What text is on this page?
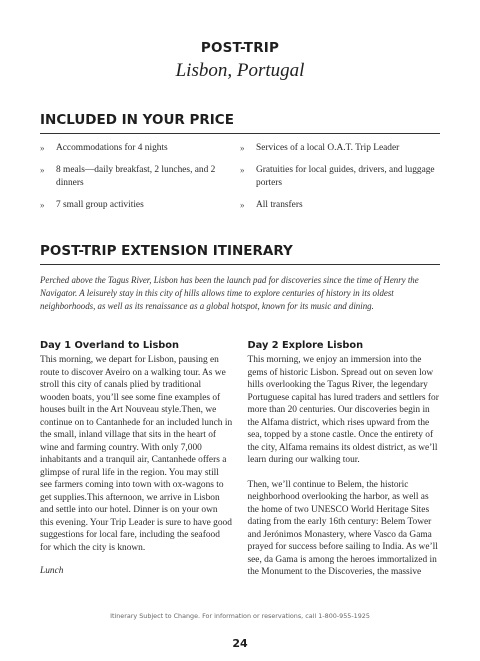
POST-TRIP
Lisbon, Portugal
INCLUDED IN YOUR PRICE
»	Accommodations for 4 nights
»	8 meals—daily breakfast, 2 lunches, and 2 dinners
»	7 small group activities
»	Services of a local O.A.T. Trip Leader
»	Gratuities for local guides, drivers, and luggage porters
»	All transfers
POST-TRIP EXTENSION ITINERARY
Perched above the Tagus River, Lisbon has been the launch pad for discoveries since the time of Henry the Navigator. A leisurely stay in this city of hills allows time to explore centuries of history in its oldest neighborhoods, as well as its renaissance as a global hotspot, known for its music and dining.
Day 1 Overland to Lisbon

This morning, we depart for Lisbon, pausing en route to discover Aveiro on a walking tour. As we stroll this city of canals plied by traditional wooden boats, you’ll see some fine examples of houses built in the Art Nouveau style.Then, we continue on to Cantanhede for an included lunch in the small, inland village that sits in the heart of wine and farming country. With only 7,000 inhabitants and a tranquil air, Cantanhede offers a glimpse of rural life in the region. You may still see farmers coming into town with ox-wagons to get supplies.This afternoon, we arrive in Lisbon and settle into our hotel. Dinner is on your own this evening. Your Trip Leader is sure to have good suggestions for local fare, including the seafood for which the city is known.

Lunch
Day 2 Explore Lisbon

This morning, we enjoy an immersion into the gems of historic Lisbon. Spread out on seven low hills overlooking the Tagus River, the legendary Portuguese capital has lured traders and settlers for more than 20 centuries. Our discoveries begin in the Alfama district, which rises upward from the sea, topped by a stone castle. Once the entirety of the city, Alfama remains its oldest district, as we’ll learn during our walking tour.

Then, we’ll continue to Belem, the historic neighborhood overlooking the harbor, as well as the home of two UNESCO World Heritage Sites dating from the early 16th century: Belem Tower and Jerónimos Monastery, where Vasco da Gama prayed for success before sailing to India. As we’ll see, da Gama is among the heroes immortalized in the Monument to the Discoveries, the massive

Itinerary Subject to Change. For information or reservations, call 1-800-955-1925
24
